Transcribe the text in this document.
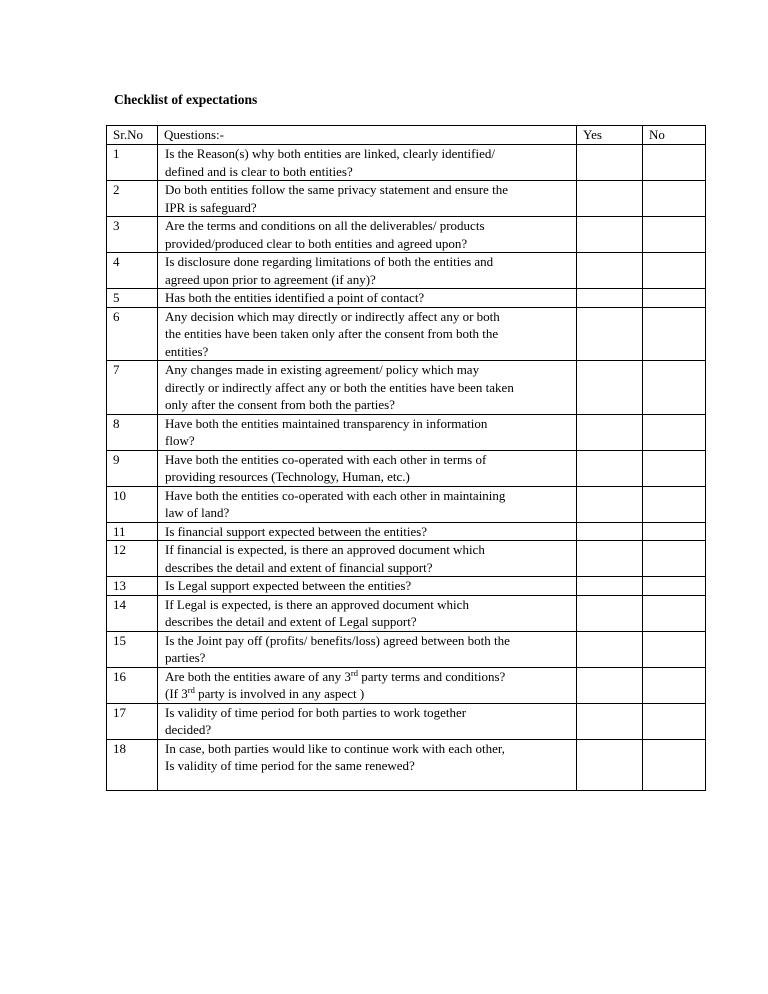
Checklist of expectations
Sr.No	Questions:-	Yes	No
1	Is the Reason(s) why both entities are linked, clearly identified/
defined and is clear to both entities?		
2	Do both entities follow the same privacy statement and ensure the
IPR is safeguard?		
3	Are the terms and conditions on all the deliverables/ products
provided/produced clear to both entities and agreed upon?		
4	Is disclosure done regarding limitations of both the entities and
agreed upon prior to agreement (if any)?		
5	Has both the entities identified a point of contact?		
6	Any decision which may directly or indirectly affect any or both
the entities have been taken only after the consent from both the
entities?		
7	Any changes made in existing agreement/ policy which may
directly or indirectly affect any or both the entities have been taken
only after the consent from both the parties?		
8	Have both the entities maintained transparency in information
flow?		
9	Have both the entities co-operated with each other in terms of
providing resources (Technology, Human, etc.)		
10	Have both the entities co-operated with each other in maintaining
law of land?		
11	Is financial support expected between the entities?		
12	If financial is expected, is there an approved document which
describes the detail and extent of financial support?		
13	Is Legal support expected between the entities?		
14	If Legal is expected, is there an approved document which
describes the detail and extent of Legal support?		
15	Is the Joint pay off (profits/ benefits/loss) agreed between both the
parties?		
16	Are both the entities aware of any 3rd party terms and conditions?
(If 3rd party is involved in any aspect )		
17	Is validity of time period for both parties to work together
decided?		
18	In case, both parties would like to continue work with each other,
Is validity of time period for the same renewed?		
